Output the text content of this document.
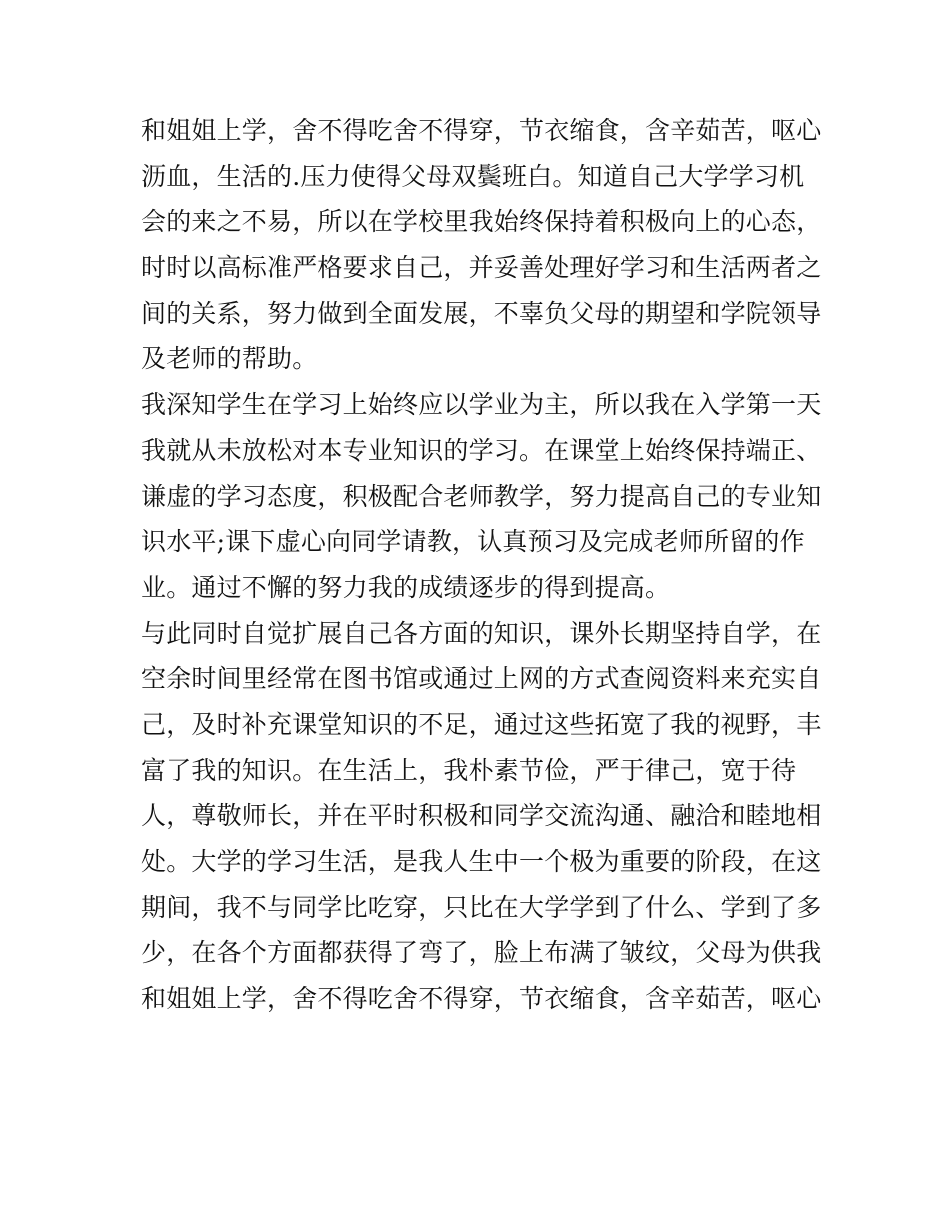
和姐姐上学，舍不得吃舍不得穿，节衣缩食，含辛茹苦，呕心
沥血，生活的.压力使得父母双鬓班白。知道自己大学学习机
会的来之不易，所以在学校里我始终保持着积极向上的心态，
时时以高标准严格要求自己，并妥善处理好学习和生活两者之
间的关系，努力做到全面发展，不辜负父母的期望和学院领导
及老师的帮助。
我深知学生在学习上始终应以学业为主，所以我在入学第一天
我就从未放松对本专业知识的学习。在课堂上始终保持端正、
谦虚的学习态度，积极配合老师教学，努力提高自己的专业知
识水平;课下虚心向同学请教，认真预习及完成老师所留的作
业。通过不懈的努力我的成绩逐步的得到提高。
与此同时自觉扩展自己各方面的知识，课外长期坚持自学，在
空余时间里经常在图书馆或通过上网的方式查阅资料来充实自
己，及时补充课堂知识的不足，通过这些拓宽了我的视野，丰
富了我的知识。在生活上，我朴素节俭，严于律己，宽于待
人，尊敬师长，并在平时积极和同学交流沟通、融洽和睦地相
处。大学的学习生活，是我人生中一个极为重要的阶段，在这
期间，我不与同学比吃穿，只比在大学学到了什么、学到了多
少，在各个方面都获得了弯了，脸上布满了皱纹，父母为供我
和姐姐上学，舍不得吃舍不得穿，节衣缩食，含辛茹苦，呕心
